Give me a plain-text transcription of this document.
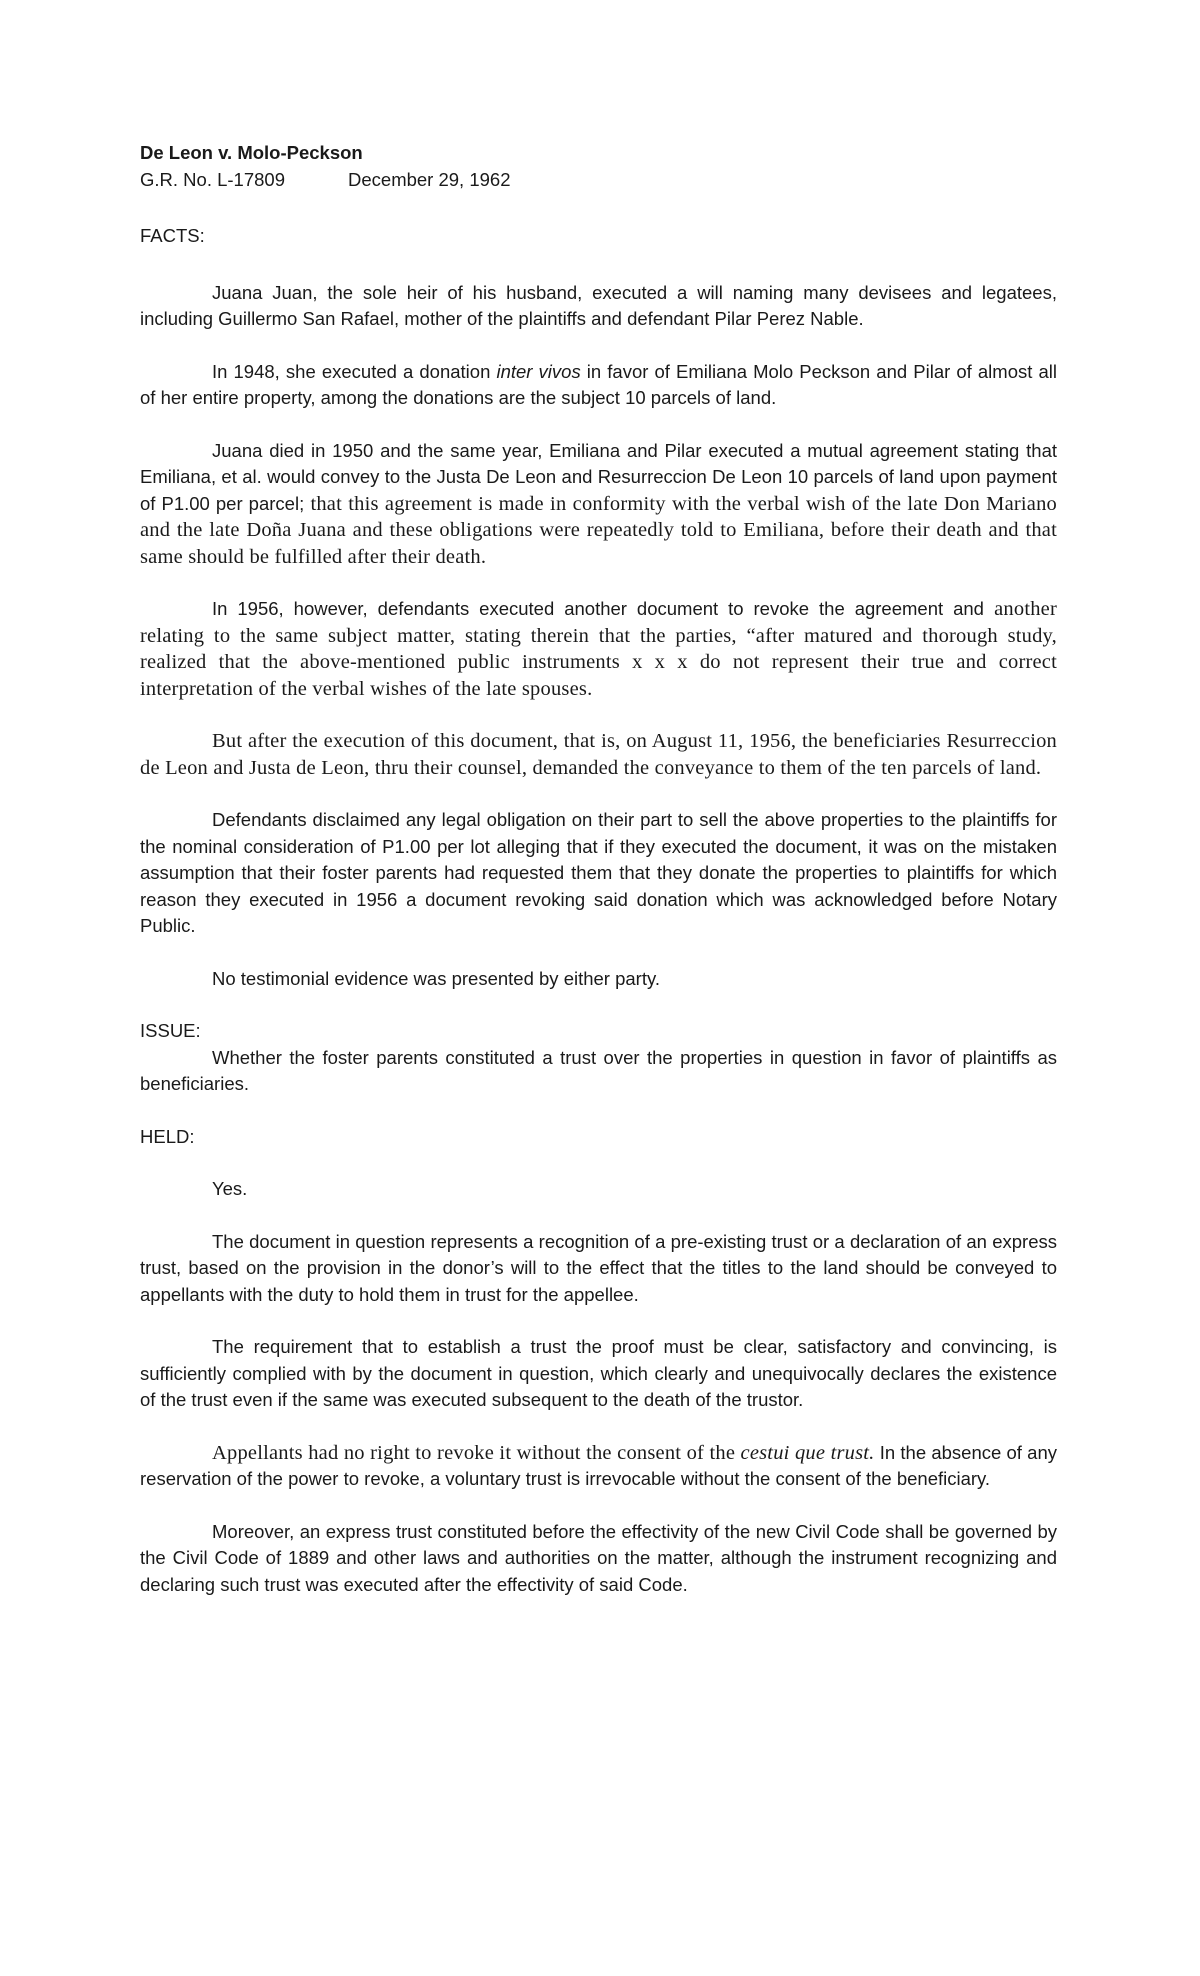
De Leon v. Molo-Peckson
G.R. No. L-17809	December 29, 1962
FACTS:

Juana Juan, the sole heir of his husband, executed a will naming many devisees and legatees, including Guillermo San Rafael, mother of the plaintiffs and defendant Pilar Perez Nable.

In 1948, she executed a donation inter vivos in favor of Emiliana Molo Peckson and Pilar of almost all of her entire property, among the donations are the subject 10 parcels of land.

Juana died in 1950 and the same year, Emiliana and Pilar executed a mutual agreement stating that Emiliana, et al. would convey to the Justa De Leon and Resurreccion De Leon 10 parcels of land upon payment of P1.00 per parcel; that this agreement is made in conformity with the verbal wish of the late Don Mariano and the late Doña Juana and these obligations were repeatedly told to Emiliana, before their death and that same should be fulfilled after their death.

In 1956, however, defendants executed another document to revoke the agreement and another relating to the same subject matter, stating therein that the parties, “after matured and thorough study, realized that the above-mentioned public instruments x x x do not represent their true and correct interpretation of the verbal wishes of the late spouses.

But after the execution of this document, that is, on August 11, 1956, the beneficiaries Resurreccion de Leon and Justa de Leon, thru their counsel, demanded the conveyance to them of the ten parcels of land.

Defendants disclaimed any legal obligation on their part to sell the above properties to the plaintiffs for the nominal consideration of P1.00 per lot alleging that if they executed the document, it was on the mistaken assumption that their foster parents had requested them that they donate the properties to plaintiffs for which reason they executed in 1956 a document revoking said donation which was acknowledged before Notary Public.

No testimonial evidence was presented by either party.

ISSUE:

Whether the foster parents constituted a trust over the properties in question in favor of plaintiffs as beneficiaries.

HELD:

Yes.

The document in question represents a recognition of a pre-existing trust or a declaration of an express trust, based on the provision in the donor’s will to the effect that the titles to the land should be conveyed to appellants with the duty to hold them in trust for the appellee.

The requirement that to establish a trust the proof must be clear, satisfactory and convincing, is sufficiently complied with by the document in question, which clearly and unequivocally declares the existence of the trust even if the same was executed subsequent to the death of the trustor.

Appellants had no right to revoke it without the consent of the cestui que trust. In the absence of any reservation of the power to revoke, a voluntary trust is irrevocable without the consent of the beneficiary.

Moreover, an express trust constituted before the effectivity of the new Civil Code shall be governed by the Civil Code of 1889 and other laws and authorities on the matter, although the instrument recognizing and declaring such trust was executed after the effectivity of said Code.
